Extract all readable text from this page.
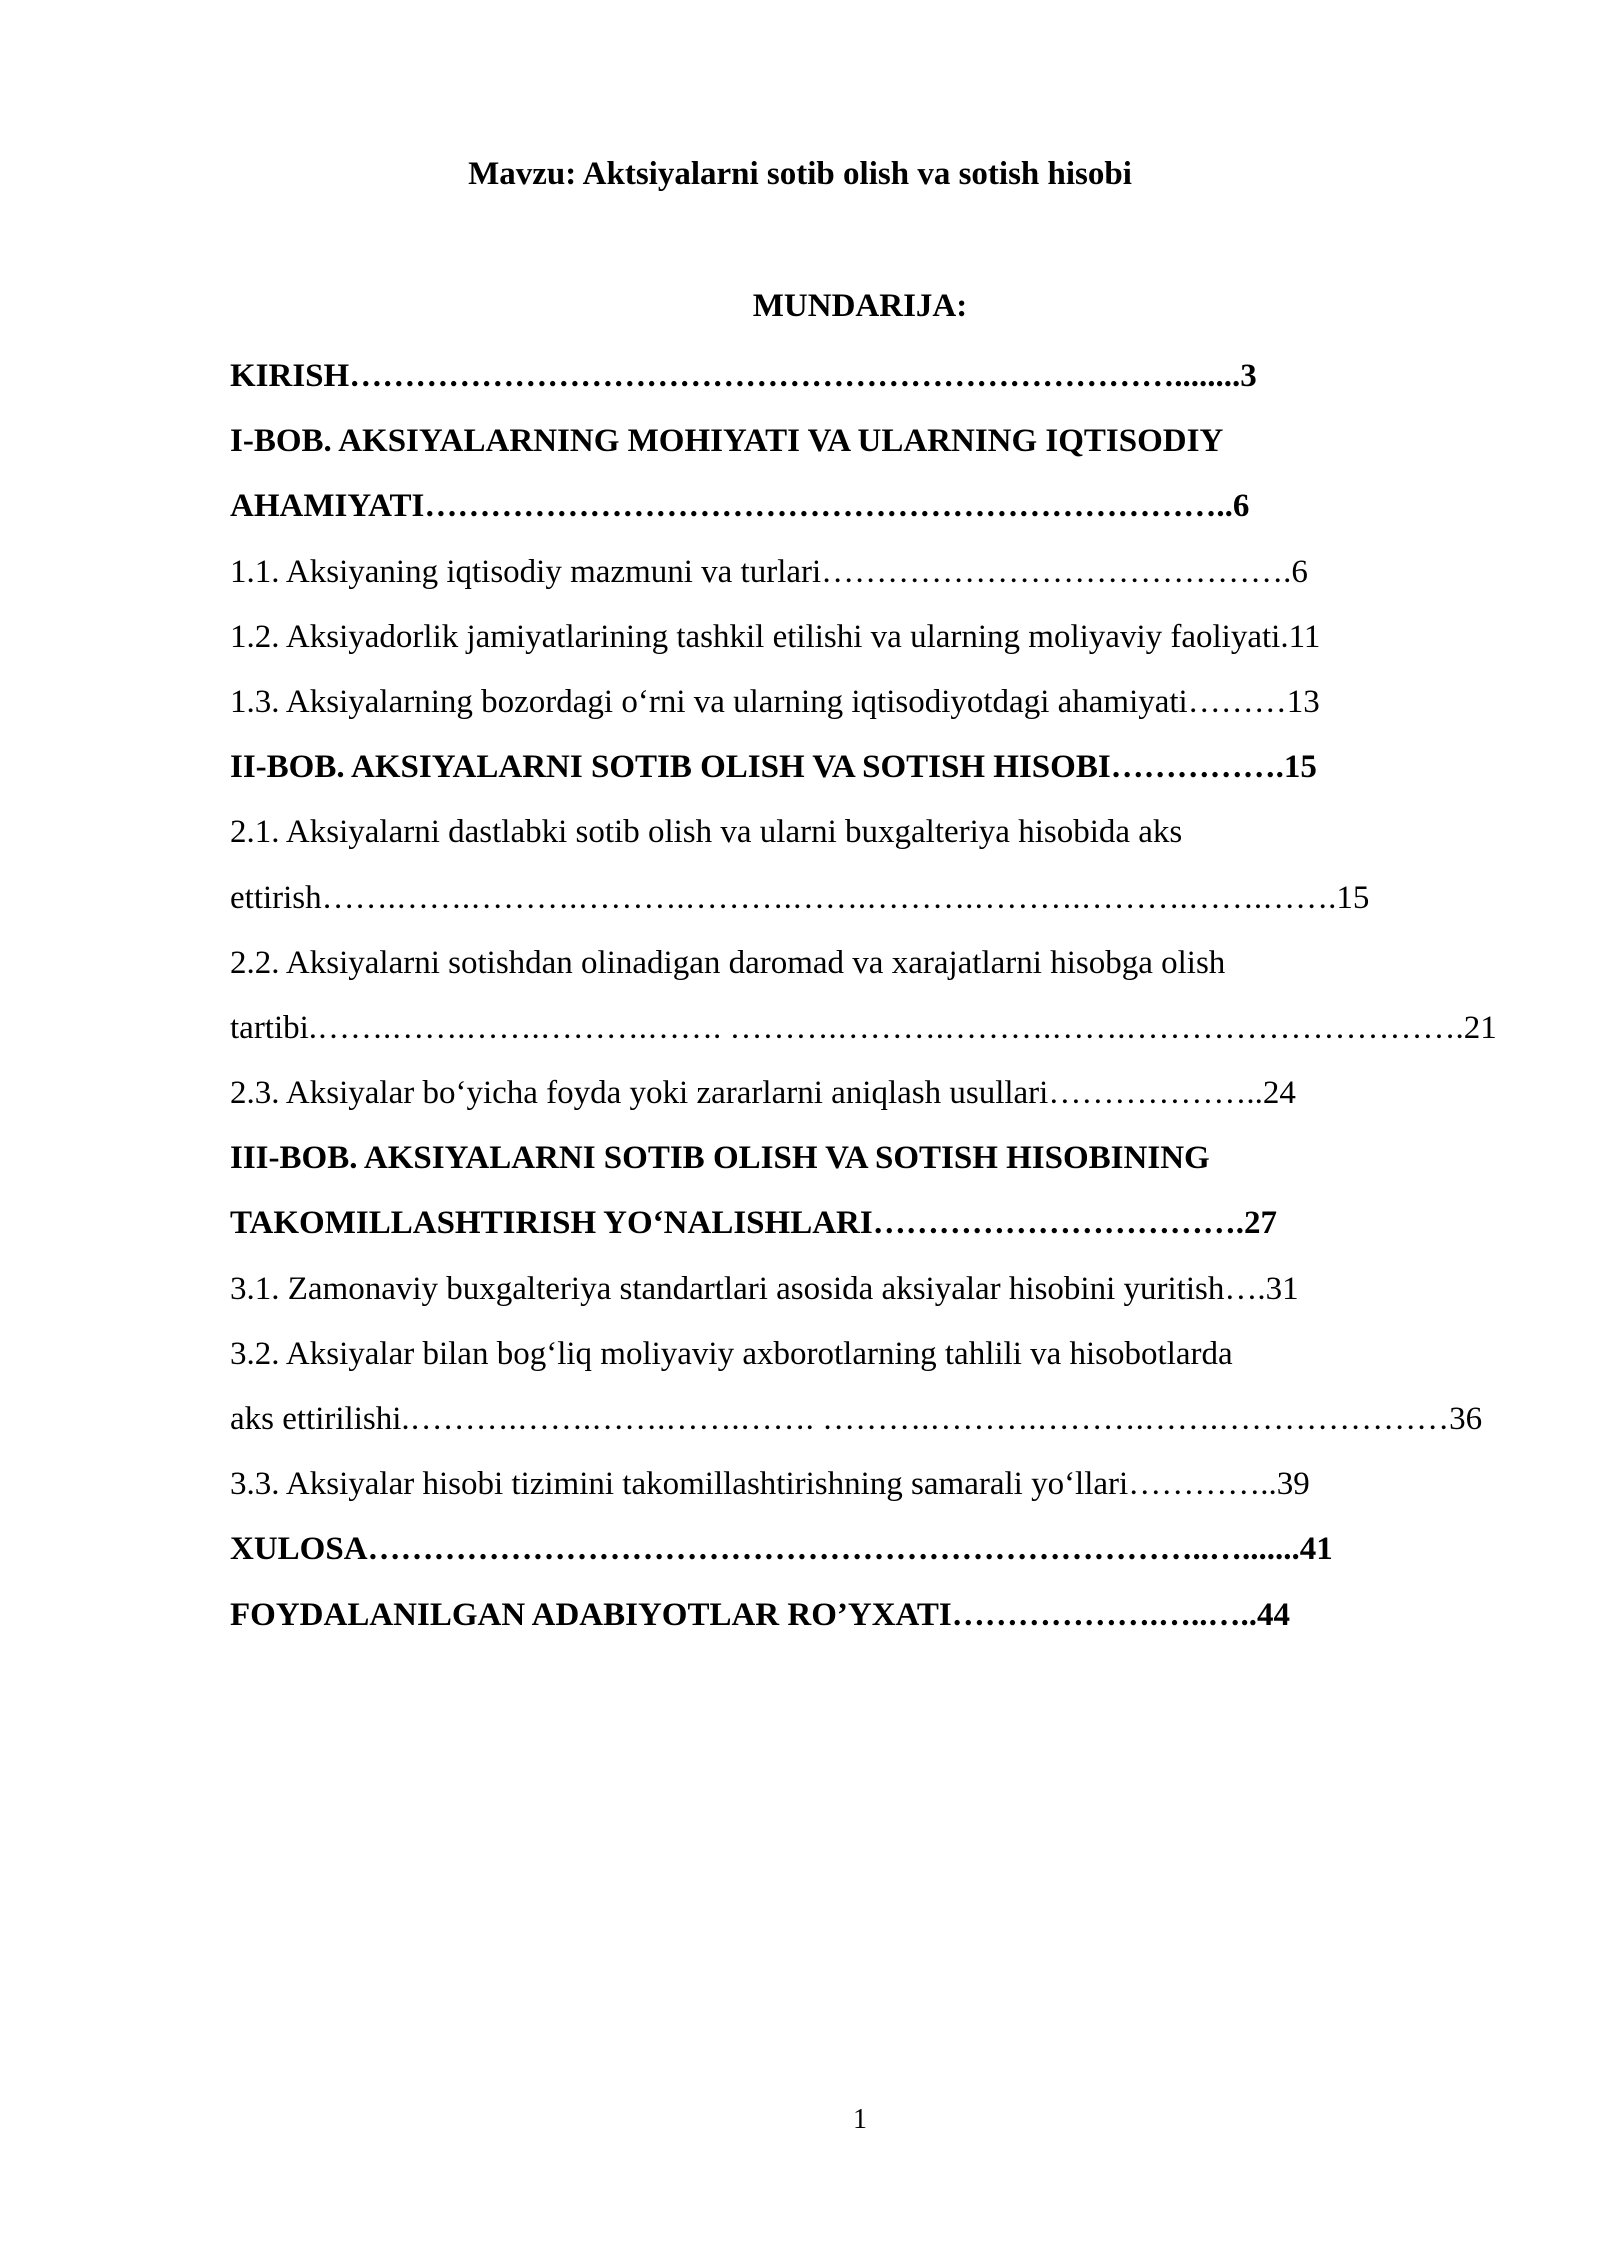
Mavzu: Aktsiyalarni sotib olish va sotish hisobi
MUNDARIJA:
KIRISH…………………………………………………………………........3
I-BOB. AKSIYALARNING MOHIYATI VA ULARNING IQTISODIY
AHAMIYATI………………………………………………………………..6
1.1. Aksiyaning iqtisodiy mazmuni va turlari…………………………………….6
1.2. Aksiyadorlik jamiyatlarining tashkil etilishi va ularning moliyaviy faoliyati.11
1.3. Aksiyalarning bozordagi o‘rni va ularning iqtisodiyotdagi ahamiyati………13
II-BOB. AKSIYALARNI SOTIB OLISH VA SOTISH HISOBI…………….15
2.1. Aksiyalarni dastlabki sotib olish va ularni buxgalteriya hisobida aks
ettirish…….…….……….……….……….…….……….……….……….…….…….15
2.2. Aksiyalarni sotishdan olinadigan daromad va xarajatlarni hisobga olish
tartibi.…….…….…….……….……. ……….……….……….…….………………………….21
2.3. Aksiyalar bo‘yicha foyda yoki zararlarni aniqlash usullari………………..24
III-BOB. AKSIYALARNI SOTIB OLISH VA SOTISH HISOBINING
TAKOMILLASHTIRISH YO‘NALISHLARI…………………………….27
3.1. Zamonaviy buxgalteriya standartlari asosida aksiyalar hisobini yuritish….31
3.2. Aksiyalar bilan bog‘liq moliyaviy axborotlarning tahlili va hisobotlarda
aks ettirilishi.……….…….…….…….……. ……….……….……….…….…………………36
3.3. Aksiyalar hisobi tizimini takomillashtirishning samarali yo‘llari…………..39
XULOSA…………………………………………………………………..….......41
FOYDALANILGAN ADABIYOTLAR RO’YXATI……………….…..…..44
1
